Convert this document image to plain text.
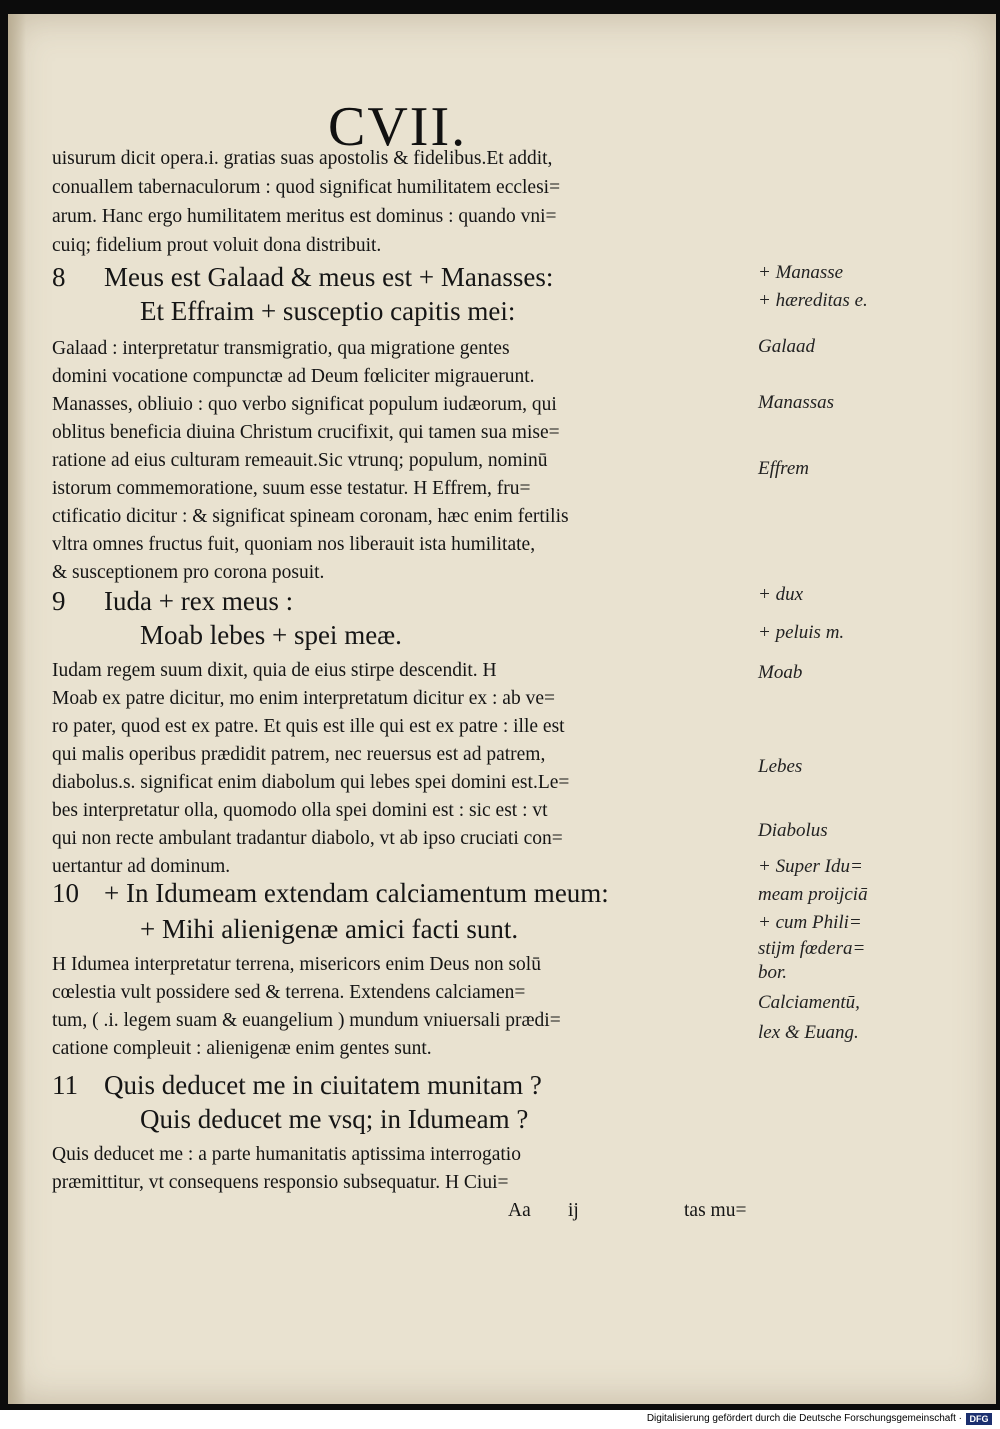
CVII.
uisurum dicit opera.i. gratias suas apostolis & fidelibus.Et addit,
conuallem tabernaculorum : quod significat humilitatem ecclesi=
arum. Hanc ergo humilitatem meritus est dominus : quando vni=
cuiq; fidelium prout voluit dona distribuit.
8 Meus est Galaad & meus est + Manasses:
Et Effraim + susceptio capitis mei:
Galaad : interpretatur transmigratio, qua migratione gentes
domini vocatione compunctæ ad Deum fœliciter migrauerunt.
Manasses, obliuio : quo verbo significat populum iudæorum, qui
oblitus beneficia diuina Christum crucifixit, qui tamen sua mise=
ratione ad eius culturam remeauit.Sic vtrunq; populum, nominū
istorum commemoratione, suum esse testatur. H Effrem, fru=
ctificatio dicitur : & significat spineam coronam, hæc enim fertilis
vltra omnes fructus fuit, quoniam nos liberauit ista humilitate,
& susceptionem pro corona posuit.
9 Iuda + rex meus :
Moab lebes + spei meæ.
Iudam regem suum dixit, quia de eius stirpe descendit. H
Moab ex patre dicitur, mo enim interpretatum dicitur ex : ab ve=
ro pater, quod est ex patre. Et quis est ille qui est ex patre : ille est
qui malis operibus prædidit patrem, nec reuersus est ad patrem,
diabolus.s. significat enim diabolum qui lebes spei domini est.Le=
bes interpretatur olla, quomodo olla spei domini est : sic est : vt
qui non recte ambulant tradantur diabolo, vt ab ipso cruciati con=
uertantur ad dominum.
10 + In Idumeam extendam calciamentum meum:
+ Mihi alienigenæ amici facti sunt.
H Idumea interpretatur terrena, misericors enim Deus non solū
cœlestia vult possidere sed & terrena. Extendens calciamen=
tum, ( .i. legem suam & euangelium ) mundum vniuersali prædi=
catione compleuit : alienigenæ enim gentes sunt.
11 Quis deducet me in ciuitatem munitam ?
Quis deducet me vsq; in Idumeam ?
Quis deducet me : a parte humanitatis aptissima interrogatio
præmittitur, vt consequens responsio subsequatur. H Ciui=
Aa ij	tas mu=
+ Manasse
+ hæreditas e.
Galaad
Manassas
Effrem
+ dux
+ peluis m.
Moab
Lebes
Diabolus
+ Super Idu=
meam proijciā
+ cum Phili=
stijm fœdera=
bor.
Calciamentū,
lex & Euang.
Digitalisierung gefördert durch die Deutsche Forschungsgemeinschaft · DFG
